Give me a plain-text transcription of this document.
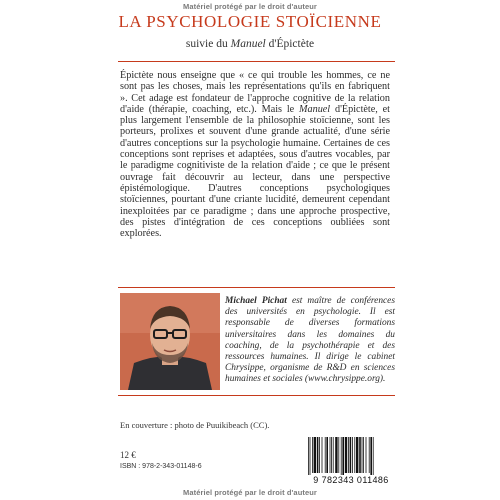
Matériel protégé par le droit d'auteur
LA PSYCHOLOGIE STOÏCIENNE
suivie du Manuel d'Épictète

Épictète nous enseigne que « ce qui trouble les hommes, ce ne sont pas les choses, mais les représentations qu'ils en fabriquent ». Cet adage est fondateur de l'approche cognitive de la relation d'aide (thérapie, coaching, etc.). Mais le Manuel d'Épictète, et plus largement l'ensemble de la philosophie stoïcienne, sont les porteurs, prolixes et souvent d'une grande actualité, d'une série d'autres conceptions sur la psychologie humaine. Certaines de ces conceptions sont reprises et adaptées, sous d'autres vocables, par le paradigme cognitiviste de la relation d'aide ; ce que le présent ouvrage fait découvrir au lecteur, dans une perspective épistémologique. D'autres conceptions psychologiques stoïciennes, pourtant d'une criante lucidité, demeurent cependant inexploitées par ce paradigme ; dans une approche prospective, des pistes d'intégration de ces conceptions oubliées sont explorées.

Michael Pichat est maître de conférences des universités en psychologie. Il est responsable de diverses formations universitaires dans les domaines du coaching, de la psychothérapie et des ressources humaines. Il dirige le cabinet Chrysippe, organisme de R&D en sciences humaines et sociales (www.chrysippe.org).

En couverture : photo de Puuikibeach (CC).
12 €
ISBN : 978-2-343-01148-6
9 782343 011486
Matériel protégé par le droit d'auteur
